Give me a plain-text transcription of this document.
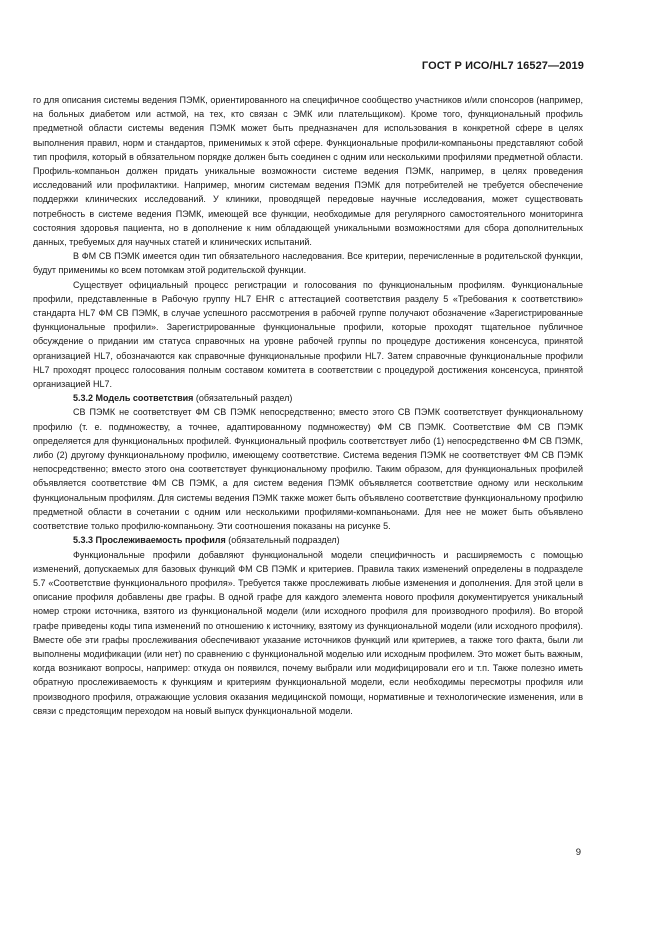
ГОСТ Р ИСО/HL7 16527—2019

го для описания системы ведения ПЭМК, ориентированного на специфичное сообщество участников и/или спонсоров (например, на больных диабетом или астмой, на тех, кто связан с ЭМК или плательщиком). Кроме того, функциональный профиль предметной области системы ведения ПЭМК может быть предназначен для использования в конкретной сфере в целях выполнения правил, норм и стандартов, применимых к этой сфере. Функциональные профили-компаньоны представляют собой тип профиля, который в обязательном порядке должен быть соединен с одним или несколькими профилями предметной области. Профиль-компаньон должен придать уникальные возможности системе ведения ПЭМК, например, в целях проведения исследований или профилактики. Например, многим системам ведения ПЭМК для потребителей не требуется обеспечение поддержки клинических исследований. У клиники, проводящей передовые научные исследования, может существовать потребность в системе ведения ПЭМК, имеющей все функции, необходимые для регулярного самостоятельного мониторинга состояния здоровья пациента, но в дополнение к ним обладающей уникальными возможностями для сбора дополнительных данных, требуемых для научных статей и клинических испытаний.

В ФМ СВ ПЭМК имеется один тип обязательного наследования. Все критерии, перечисленные в родительской функции, будут применимы ко всем потомкам этой родительской функции.

Существует официальный процесс регистрации и голосования по функциональным профилям. Функциональные профили, представленные в Рабочую группу HL7 EHR с аттестацией соответствия разделу 5 «Требования к соответствию» стандарта HL7 ФМ СВ ПЭМК, в случае успешного рассмотрения в рабочей группе получают обозначение «Зарегистрированные функциональные профили». Зарегистрированные функциональные профили, которые проходят тщательное публичное обсуждение о придании им статуса справочных на уровне рабочей группы по процедуре достижения консенсуса, принятой организацией HL7, обозначаются как справочные функциональные профили HL7. Затем справочные функциональные профили HL7 проходят процесс голосования полным составом комитета в соответствии с процедурой достижения консенсуса, принятой организацией HL7.

5.3.2 Модель соответствия (обязательный раздел)

СВ ПЭМК не соответствует ФМ СВ ПЭМК непосредственно; вместо этого СВ ПЭМК соответствует функциональному профилю (т. е. подмножеству, а точнее, адаптированному подмножеству) ФМ СВ ПЭМК. Соответствие ФМ СВ ПЭМК определяется для функциональных профилей. Функциональный профиль соответствует либо (1) непосредственно ФМ СВ ПЭМК, либо (2) другому функциональному профилю, имеющему соответствие. Система ведения ПЭМК не соответствует ФМ СВ ПЭМК непосредственно; вместо этого она соответствует функциональному профилю. Таким образом, для функциональных профилей объявляется соответствие ФМ СВ ПЭМК, а для систем ведения ПЭМК объявляется соответствие одному или нескольким функциональным профилям. Для системы ведения ПЭМК также может быть объявлено соответствие функциональному профилю предметной области в сочетании с одним или несколькими профилями-компаньонами. Для нее не может быть объявлено соответствие только профилю-компаньону. Эти соотношения показаны на рисунке 5.

5.3.3 Прослеживаемость профиля (обязательный подраздел)

Функциональные профили добавляют функциональной модели специфичность и расширяемость с помощью изменений, допускаемых для базовых функций ФМ СВ ПЭМК и критериев. Правила таких изменений определены в подразделе 5.7 «Соответствие функционального профиля». Требуется также прослеживать любые изменения и дополнения. Для этой цели в описание профиля добавлены две графы. В одной графе для каждого элемента нового профиля документируется уникальный номер строки источника, взятого из функциональной модели (или исходного профиля для производного профиля). Во второй графе приведены коды типа изменений по отношению к источнику, взятому из функциональной модели (или исходного профиля). Вместе обе эти графы прослеживания обеспечивают указание источников функций или критериев, а также того факта, были ли выполнены модификации (или нет) по сравнению с функциональной моделью или исходным профилем. Это может быть важным, когда возникают вопросы, например: откуда он появился, почему выбрали или модифицировали его и т.п. Также полезно иметь обратную прослеживаемость к функциям и критериям функциональной модели, если необходимы пересмотры профиля или производного профиля, отражающие условия оказания медицинской помощи, нормативные и технологические изменения, или в связи с предстоящим переходом на новый выпуск функциональной модели.

9
